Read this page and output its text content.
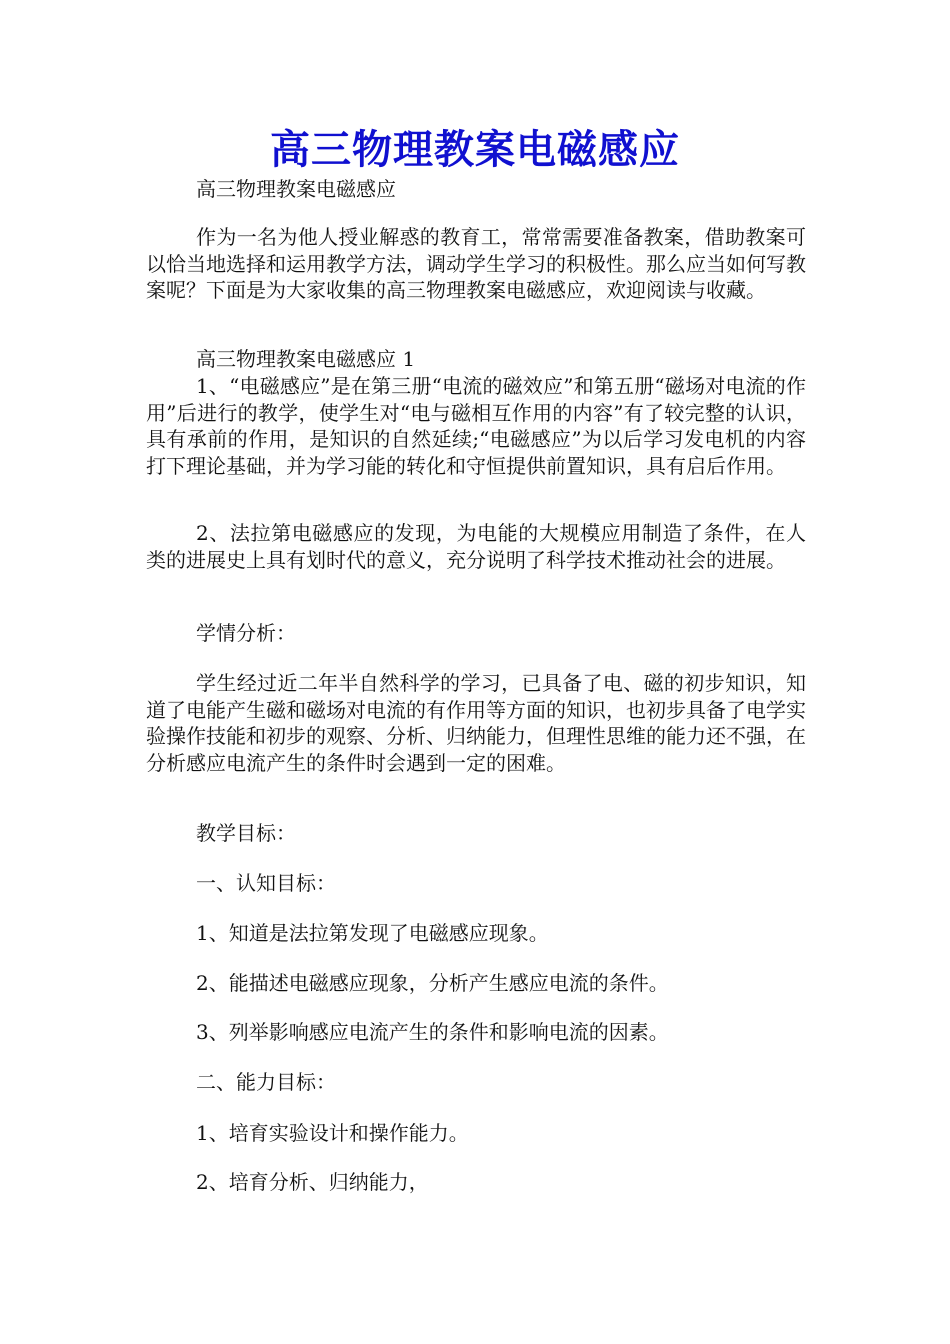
高三物理教案电磁感应
高三物理教案电磁感应

作为一名为他人授业解惑的教育工，常常需要准备教案，借助教案可以恰当地选择和运用教学方法，调动学生学习的积极性。那么应当如何写教案呢？下面是为大家收集的高三物理教案电磁感应，欢迎阅读与收藏。

高三物理教案电磁感应 1

1、“电磁感应”是在第三册“电流的磁效应”和第五册“磁场对电流的作用”后进行的教学，使学生对“电与磁相互作用的内容”有了较完整的认识，具有承前的作用，是知识的自然延续;“电磁感应”为以后学习发电机的内容打下理论基础，并为学习能的转化和守恒提供前置知识，具有启后作用。

2、法拉第电磁感应的发现，为电能的大规模应用制造了条件，在人类的进展史上具有划时代的意义，充分说明了科学技术推动社会的进展。

学情分析：

学生经过近二年半自然科学的学习，已具备了电、磁的初步知识，知道了电能产生磁和磁场对电流的有作用等方面的知识，也初步具备了电学实验操作技能和初步的观察、分析、归纳能力，但理性思维的能力还不强，在分析感应电流产生的条件时会遇到一定的困难。

教学目标：

一、认知目标：

1、知道是法拉第发现了电磁感应现象。

2、能描述电磁感应现象，分析产生感应电流的条件。

3、列举影响感应电流产生的条件和影响电流的因素。

二、能力目标：

1、培育实验设计和操作能力。

2、培育分析、归纳能力，
